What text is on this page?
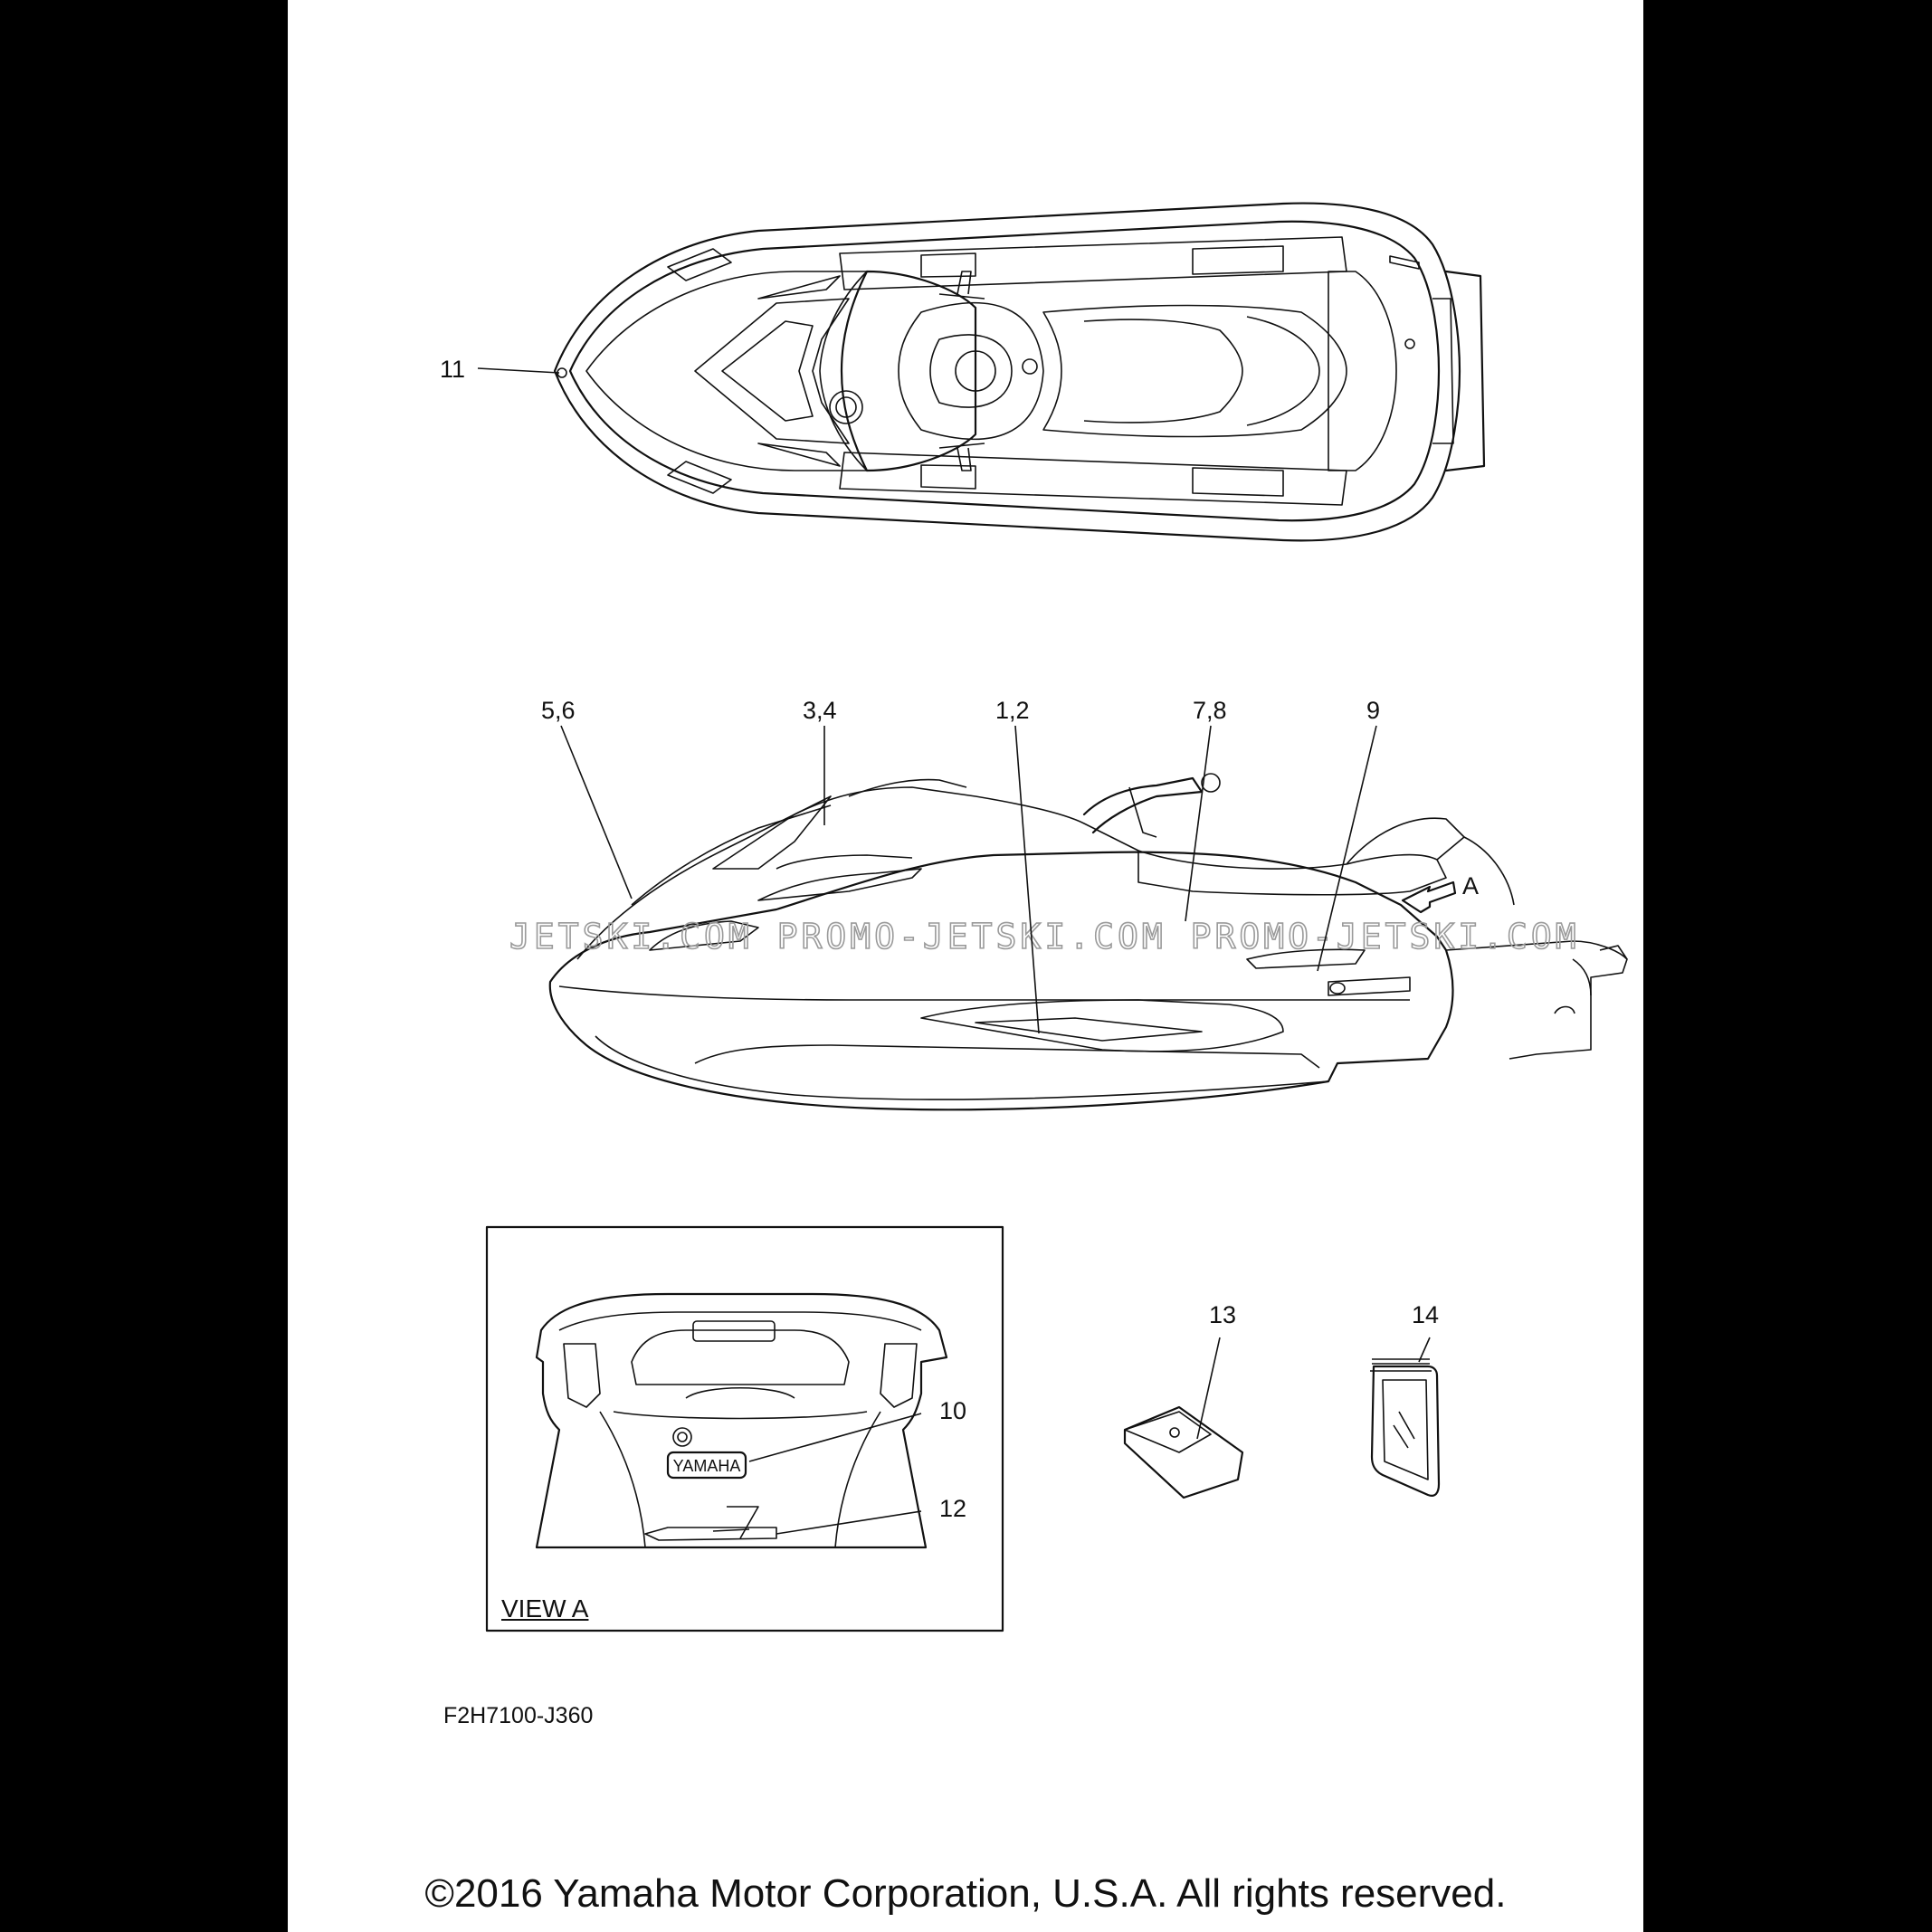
JETSKI.COM PROMO-JETSKI.COM PROMO-JETSKI.COM
YAMAHA
11
5,6	3,4	1,2	7,8	9
A
10
12
13	14
VIEW A
F2H7100-J360
©2016 Yamaha Motor Corporation, U.S.A. All rights reserved.
